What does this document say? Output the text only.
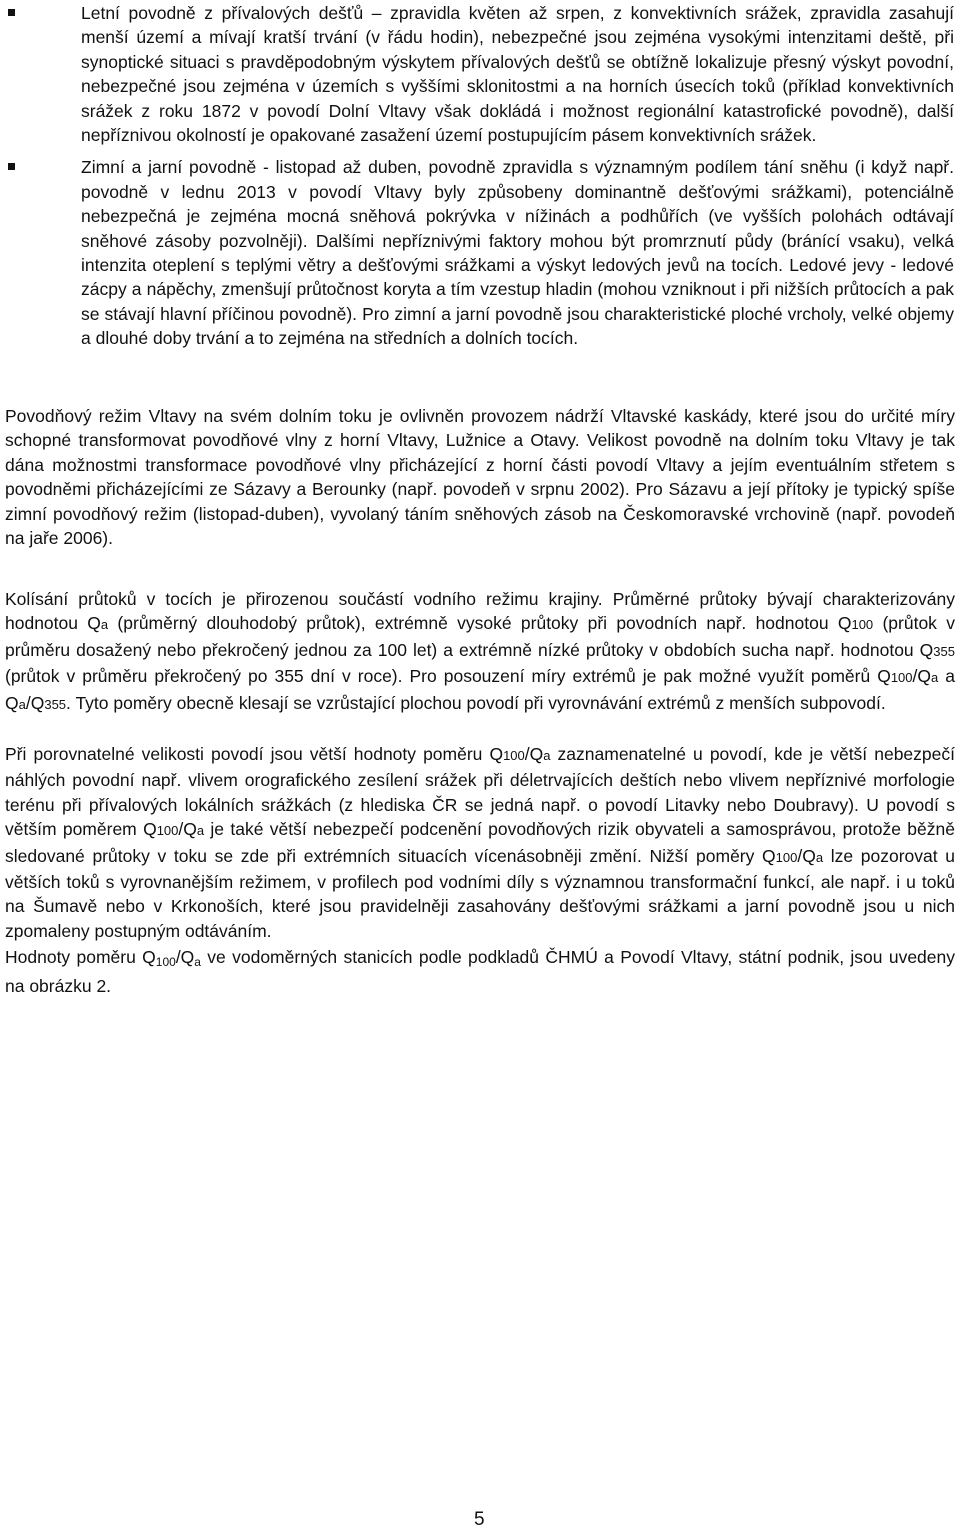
Letní povodně z přívalových dešťů – zpravidla květen až srpen, z konvektivních srážek, zpravidla zasahují menší území a mívají kratší trvání (v řádu hodin), nebezpečné jsou zejména vysokými intenzitami deště, při synoptické situaci s pravděpodobným výskytem přívalových dešťů se obtížně lokalizuje přesný výskyt povodní, nebezpečné jsou zejména v územích s vyššími sklonitostmi a na horních úsecích toků (příklad konvektivních srážek z roku 1872 v povodí Dolní Vltavy však dokládá i možnost regionální katastrofické povodně), další nepříznivou okolností je opakované zasažení území postupujícím pásem konvektivních srážek.
Zimní a jarní povodně - listopad až duben, povodně zpravidla s významným podílem tání sněhu (i když např. povodně v lednu 2013 v povodí Vltavy byly způsobeny dominantně dešťovými srážkami), potenciálně nebezpečná je zejména mocná sněhová pokrývka v nížinách a podhůřích (ve vyšších polohách odtávají sněhové zásoby pozvolněji). Dalšími nepříznivými faktory mohou být promrznutí půdy (bránící vsaku), velká intenzita oteplení s teplými větry a dešťovými srážkami a výskyt ledových jevů na tocích. Ledové jevy - ledové zácpy a nápěchy, zmenšují průtočnost koryta a tím vzestup hladin (mohou vzniknout i při nižších průtocích a pak se stávají hlavní příčinou povodně). Pro zimní a jarní povodně jsou charakteristické ploché vrcholy, velké objemy a dlouhé doby trvání a to zejména na středních a dolních tocích.

Povodňový režim Vltavy na svém dolním toku je ovlivněn provozem nádrží Vltavské kaskády, které jsou do určité míry schopné transformovat povodňové vlny z horní Vltavy, Lužnice a Otavy. Velikost povodně na dolním toku Vltavy je tak dána možnostmi transformace povodňové vlny přicházející z horní části povodí Vltavy a jejím eventuálním střetem s povodněmi přicházejícími ze Sázavy a Berounky (např. povodeň v srpnu 2002). Pro Sázavu a její přítoky je typický spíše zimní povodňový režim (listopad-duben), vyvolaný táním sněhových zásob na Českomoravské vrchovině (např. povodeň na jaře 2006).

Kolísání průtoků v tocích je přirozenou součástí vodního režimu krajiny. Průměrné průtoky bývají charakterizovány hodnotou Qa (průměrný dlouhodobý průtok), extrémně vysoké průtoky při povodních např. hodnotou Q100 (průtok v průměru dosažený nebo překročený jednou za 100 let) a extrémně nízké průtoky v obdobích sucha např. hodnotou Q355 (průtok v průměru překročený po 355 dní v roce). Pro posouzení míry extrémů je pak možné využít poměrů Q100/Qa a Qa/Q355. Tyto poměry obecně klesají se vzrůstající plochou povodí při vyrovnávání extrémů z menších subpovodí.

Při porovnatelné velikosti povodí jsou větší hodnoty poměru Q100/Qa zaznamenatelné u povodí, kde je větší nebezpečí náhlých povodní např. vlivem orografického zesílení srážek při déletrvajících deštích nebo vlivem nepříznivé morfologie terénu při přívalových lokálních srážkách (z hlediska ČR se jedná např. o povodí Litavky nebo Doubravy). U povodí s větším poměrem Q100/Qa je také větší nebezpečí podcenění povodňových rizik obyvateli a samosprávou, protože běžně sledované průtoky v toku se zde při extrémních situacích vícenásobněji změní. Nižší poměry Q100/Qa lze pozorovat u větších toků s vyrovnanějším režimem, v profilech pod vodními díly s významnou transformační funkcí, ale např. i u toků na Šumavě nebo v Krkonoších, které jsou pravidelněji zasahovány dešťovými srážkami a jarní povodně jsou u nich zpomaleny postupným odtáváním.

Hodnoty poměru $Q_{100}/Q_a$ ve vodoměrných stanicích podle podkladů ČHMÚ a Povodí Vltavy, státní podnik, jsou uvedeny na obrázku 2.

5
